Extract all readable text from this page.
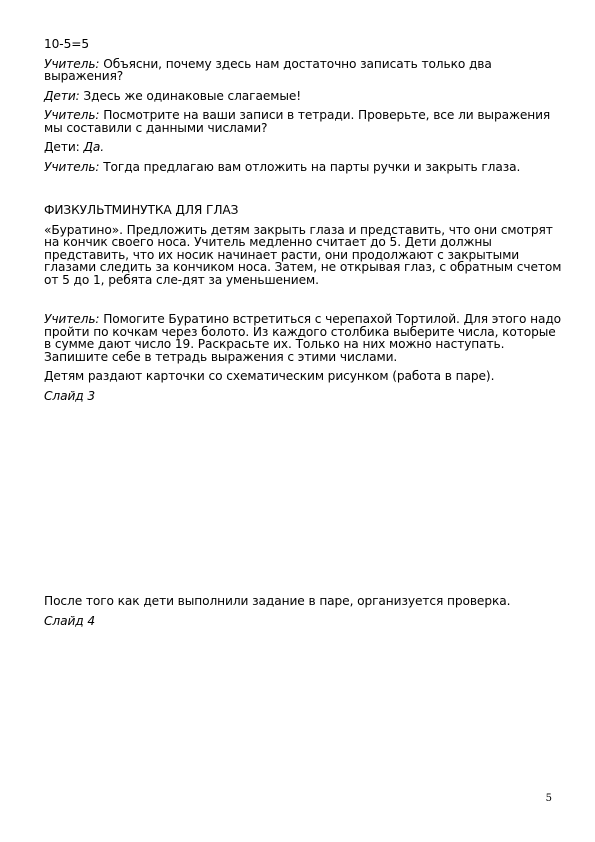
10-5=5

Учитель: Объясни, почему здесь нам достаточно записать только два выражения?

Дети: Здесь же одинаковые слагаемые!

Учитель: Посмотрите на ваши записи в тетради. Проверьте, все ли выражения мы составили с данными числами?

Дети: Да.

Учитель: Тогда предлагаю вам отложить на парты ручки и закрыть глаза.

ФИЗКУЛЬТМИНУТКА ДЛЯ ГЛАЗ

«Буратино». Предложить детям закрыть глаза и представить, что они смотрят на кончик своего носа. Учитель медленно считает до 5. Дети должны представить, что их носик начинает расти, они продолжают с закрытыми глазами следить за кончиком носа. Затем, не открывая глаз, с обратным счетом от 5 до 1, ребята сле-дят за уменьшением.

Учитель: Помогите Буратино встретиться с черепахой Тортилой. Для этого надо пройти по кочкам через болото. Из каждого столбика выберите числа, которые в сумме дают число 19. Раскрасьте их. Только на них можно наступать. Запишите себе в тетрадь выражения с этими числами.

Детям раздают карточки со схематическим рисунком (работа в паре).

Слайд 3

После того как дети выполнили задание в паре, организуется проверка.

Слайд 4

5
